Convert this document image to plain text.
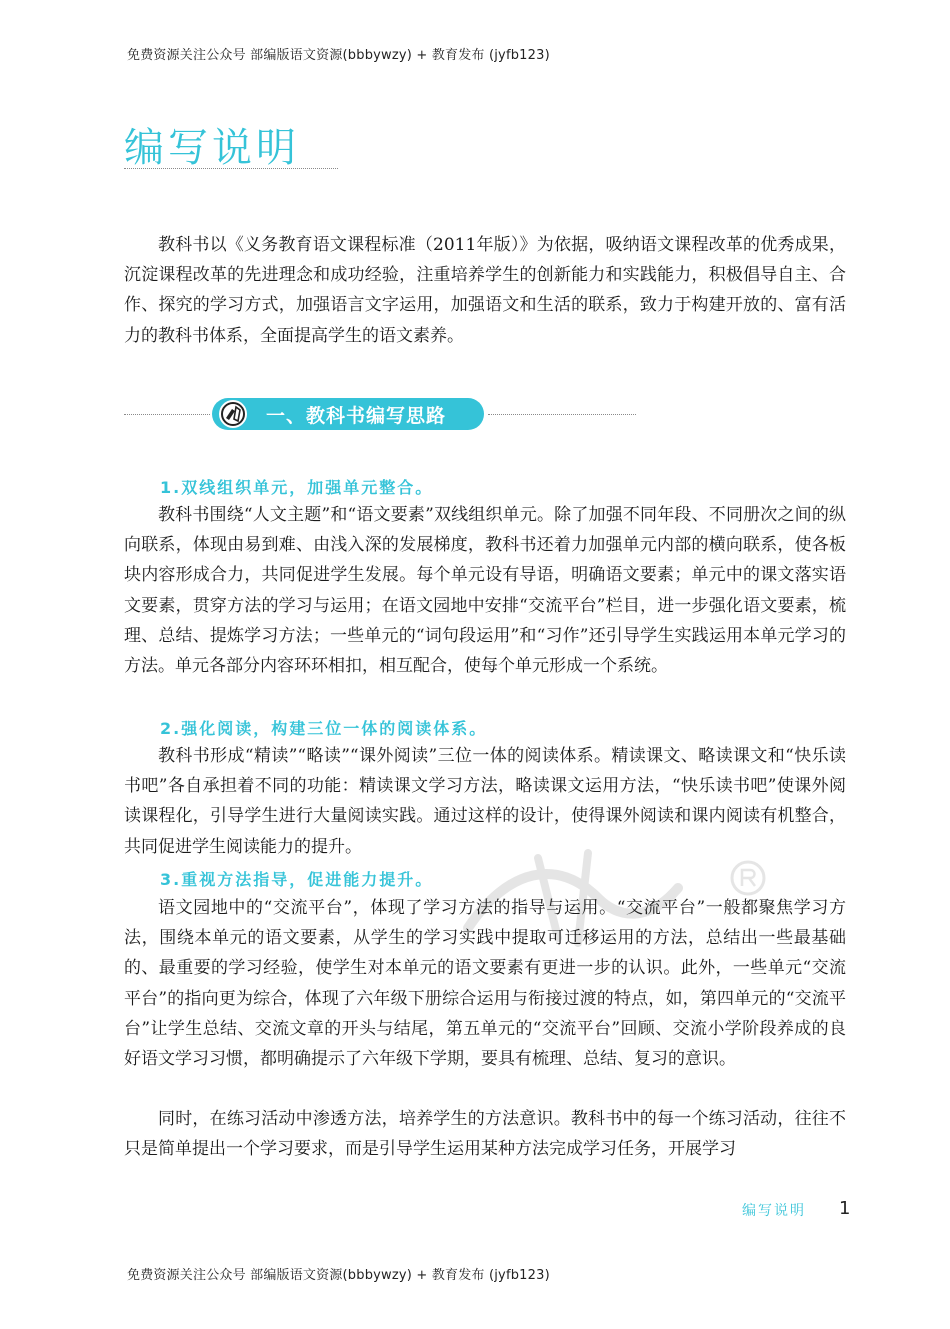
免费资源关注公众号 部编版语文资源(bbbywzy) + 教育发布 (jyfb123)
编写说明

教科书以《义务教育语文课程标准（2011年版）》为依据，吸纳语文课程改革的优秀成果，沉淀课程改革的先进理念和成功经验，注重培养学生的创新能力和实践能力，积极倡导自主、合作、探究的学习方式，加强语言文字运用，加强语文和生活的联系，致力于构建开放的、富有活力的教科书体系，全面提高学生的语文素养。

一、教科书编写思路
1.双线组织单元，加强单元整合。

教科书围绕“人文主题”和“语文要素”双线组织单元。除了加强不同年段、不同册次之间的纵向联系，体现由易到难、由浅入深的发展梯度，教科书还着力加强单元内部的横向联系，使各板块内容形成合力，共同促进学生发展。每个单元设有导语，明确语文要素；单元中的课文落实语文要素，贯穿方法的学习与运用；在语文园地中安排“交流平台”栏目，进一步强化语文要素，梳理、总结、提炼学习方法；一些单元的“词句段运用”和“习作”还引导学生实践运用本单元学习的方法。单元各部分内容环环相扣，相互配合，使每个单元形成一个系统。

2.强化阅读，构建三位一体的阅读体系。

教科书形成“精读”“略读”“课外阅读”三位一体的阅读体系。精读课文、略读课文和“快乐读书吧”各自承担着不同的功能：精读课文学习方法，略读课文运用方法，“快乐读书吧”使课外阅读课程化，引导学生进行大量阅读实践。通过这样的设计，使得课外阅读和课内阅读有机整合，共同促进学生阅读能力的提升。

3.重视方法指导，促进能力提升。

语文园地中的“交流平台”，体现了学习方法的指导与运用。“交流平台”一般都聚焦学习方法，围绕本单元的语文要素，从学生的学习实践中提取可迁移运用的方法，总结出一些最基础的、最重要的学习经验，使学生对本单元的语文要素有更进一步的认识。此外，一些单元“交流平台”的指向更为综合，体现了六年级下册综合运用与衔接过渡的特点，如，第四单元的“交流平台”让学生总结、交流文章的开头与结尾，第五单元的“交流平台”回顾、交流小学阶段养成的良好语文学习习惯，都明确提示了六年级下学期，要具有梳理、总结、复习的意识。

同时，在练习活动中渗透方法，培养学生的方法意识。教科书中的每一个练习活动，往往不只是简单提出一个学习要求，而是引导学生运用某种方法完成学习任务，开展学习

编写说明 1
免费资源关注公众号 部编版语文资源(bbbywzy) + 教育发布 (jyfb123)
